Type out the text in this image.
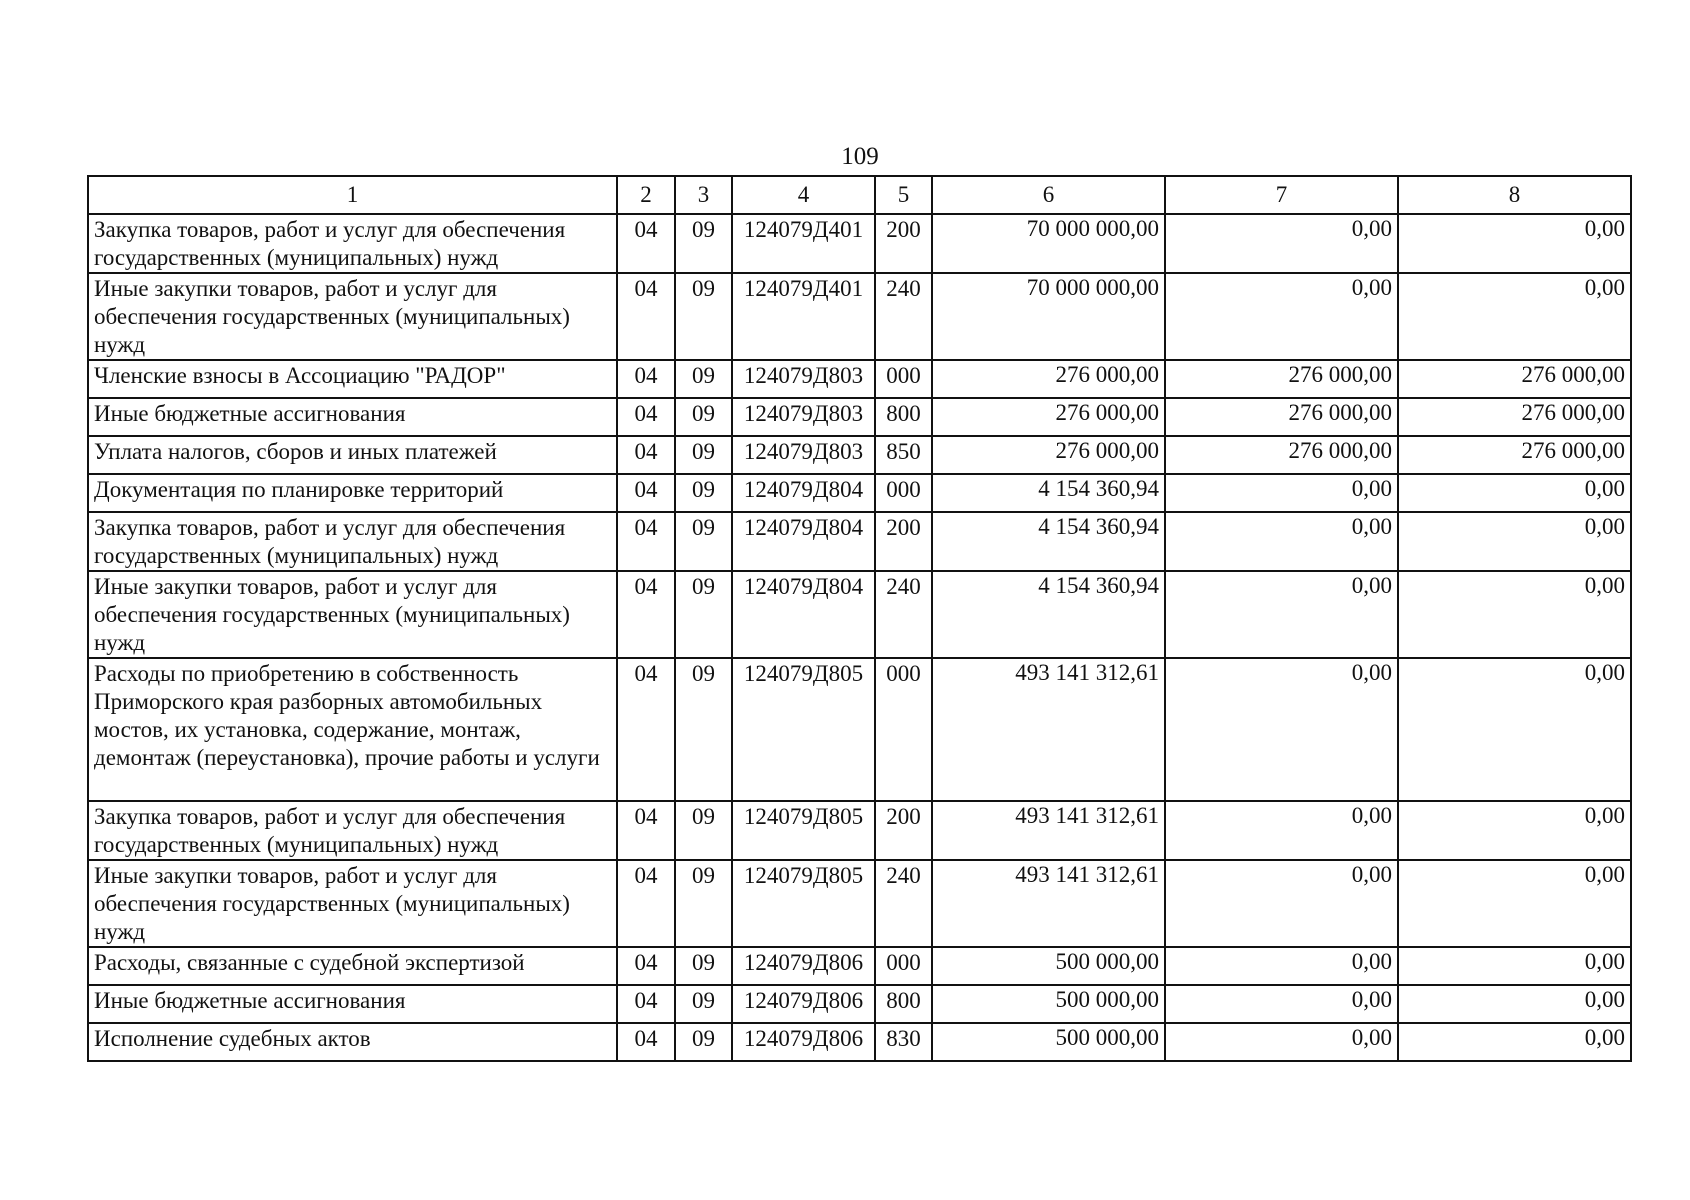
109
1	2	3	4	5	6	7	8
Закупка товаров, работ и услуг для обеспечения государственных (муниципальных) нужд	04	09	124079Д401	200	70 000 000,00	0,00	0,00
Иные закупки товаров, работ и услуг для обеспечения государственных (муниципальных) нужд	04	09	124079Д401	240	70 000 000,00	0,00	0,00
Членские взносы в Ассоциацию "РАДОР"	04	09	124079Д803	000	276 000,00	276 000,00	276 000,00
Иные бюджетные ассигнования	04	09	124079Д803	800	276 000,00	276 000,00	276 000,00
Уплата налогов, сборов и иных платежей	04	09	124079Д803	850	276 000,00	276 000,00	276 000,00
Документация по планировке территорий	04	09	124079Д804	000	4 154 360,94	0,00	0,00
Закупка товаров, работ и услуг для обеспечения государственных (муниципальных) нужд	04	09	124079Д804	200	4 154 360,94	0,00	0,00
Иные закупки товаров, работ и услуг для обеспечения государственных (муниципальных) нужд	04	09	124079Д804	240	4 154 360,94	0,00	0,00
Расходы по приобретению в собственность Приморского края разборных автомобильных мостов, их установка, содержание, монтаж, демонтаж (переустановка), прочие работы и услуги	04	09	124079Д805	000	493 141 312,61	0,00	0,00
Закупка товаров, работ и услуг для обеспечения государственных (муниципальных) нужд	04	09	124079Д805	200	493 141 312,61	0,00	0,00
Иные закупки товаров, работ и услуг для обеспечения государственных (муниципальных) нужд	04	09	124079Д805	240	493 141 312,61	0,00	0,00
Расходы, связанные с судебной экспертизой	04	09	124079Д806	000	500 000,00	0,00	0,00
Иные бюджетные ассигнования	04	09	124079Д806	800	500 000,00	0,00	0,00
Исполнение судебных актов	04	09	124079Д806	830	500 000,00	0,00	0,00
